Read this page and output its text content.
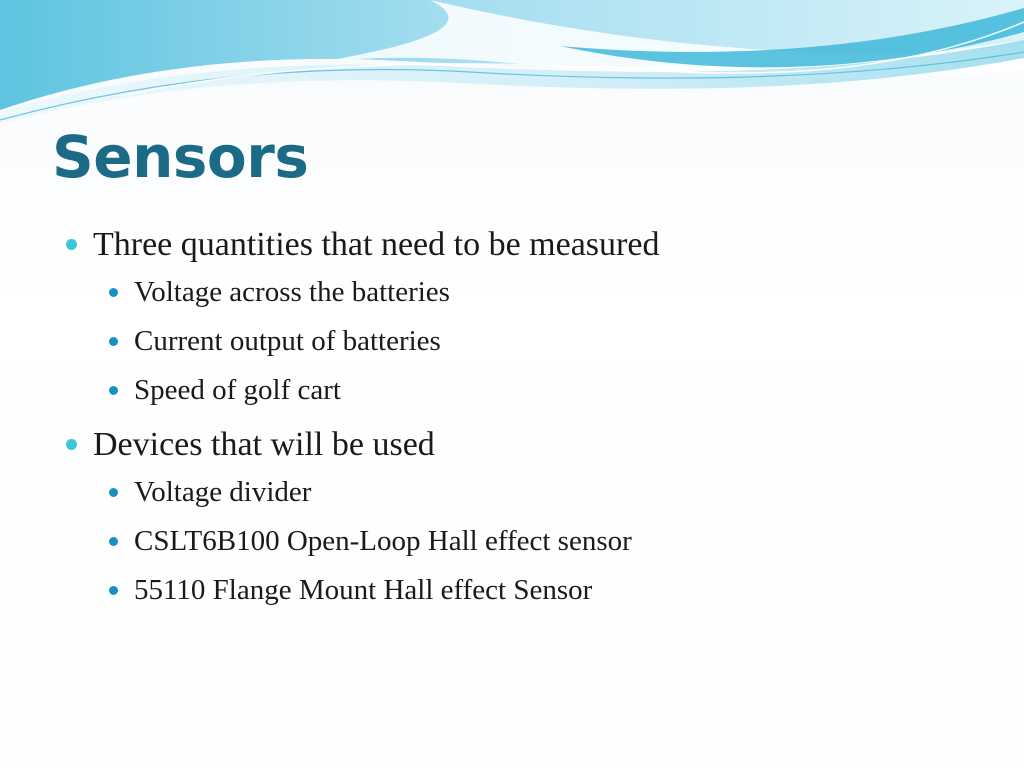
Sensors
Three quantities that need to be measured
Voltage across the batteries
Current output of batteries
Speed of golf cart
Devices that will be used
Voltage divider
CSLT6B100 Open-Loop Hall effect sensor
55110 Flange Mount Hall effect Sensor
